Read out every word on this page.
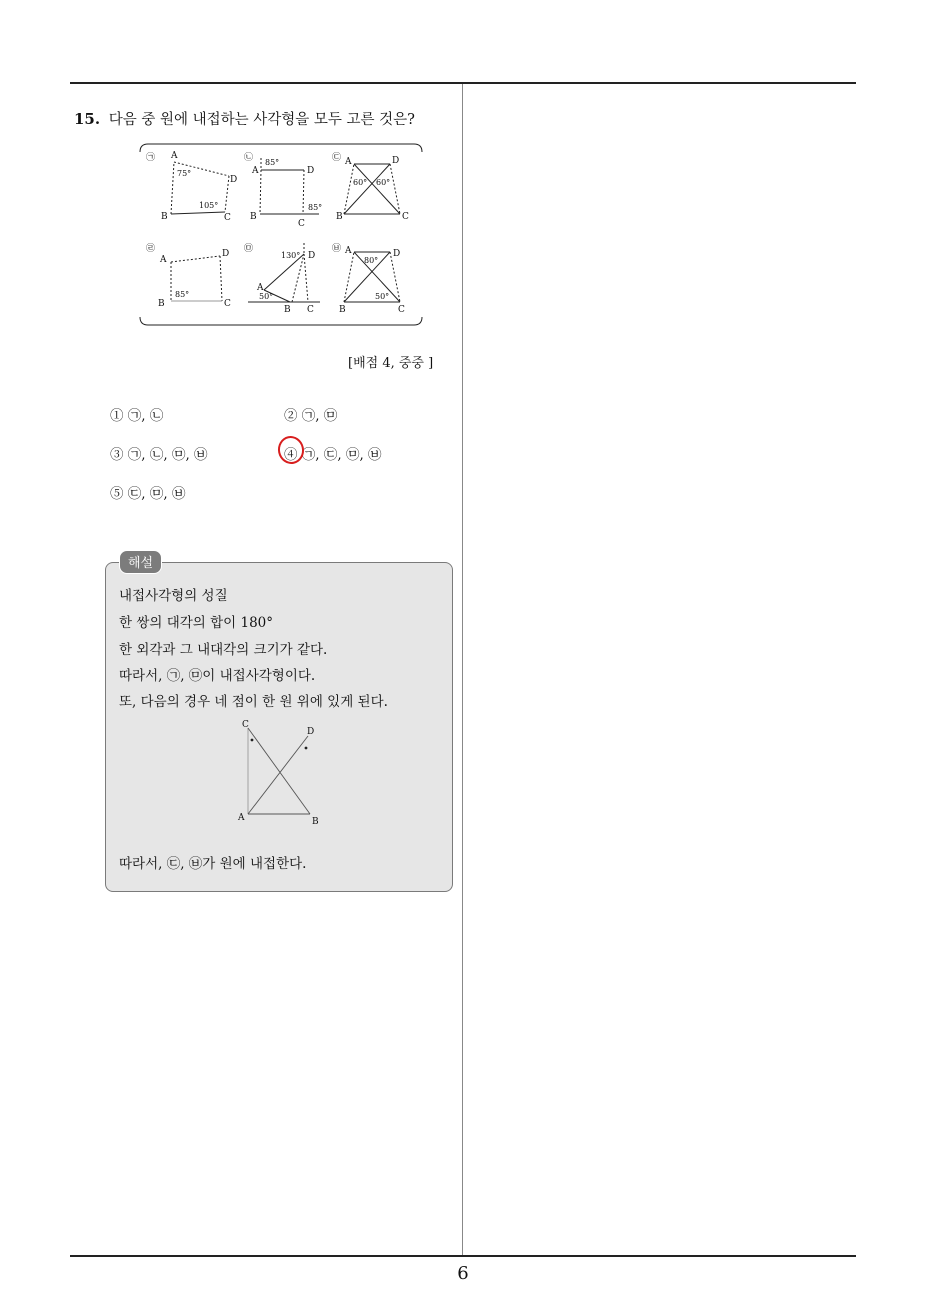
15. 다음 중 원에 내접하는 사각형을 모두 고른 것은?
㉠ A
D
B	C
75°
105°
㉡
A	D
B
C
85°
85°
㉢ A	D
B	C
60° 60°
㉣
A
D
B	C
85°
㉤
A
D
B C
130°
50°
㉥ A	D
B	C
80°
50°
[배점 4, 중중 ]
① ㉠, ㉡	② ㉠, ㉤
③ ㉠, ㉡, ㉤, ㉥	④ ㉠, ㉢, ㉤, ㉥
⑤ ㉢, ㉤, ㉥
해설
내접사각형의 성질
한 쌍의 대각의 합이 180°
한 외각과 그 내대각의 크기가 같다.
따라서, ㉠, ㉤이 내접사각형이다.
또, 다음의 경우 네 점이 한 원 위에 있게 된다.
C
D
A	B
따라서, ㉢, ㉥가 원에 내접한다.
6
